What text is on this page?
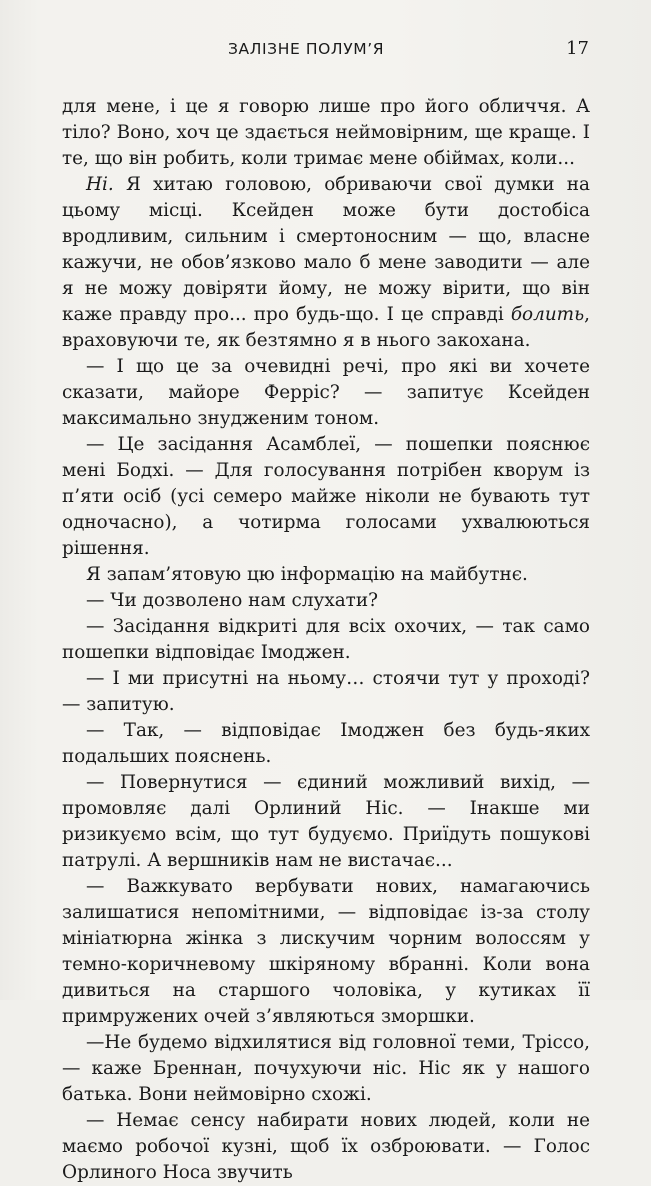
ЗАЛІЗНЕ ПОЛУМ’Я	17

для мене, і це я говорю лише про його обличчя. А тіло? Воно, хоч це здається неймовірним, ще краще. І те, що він робить, коли тримає мене обіймах, коли...

Ні. Я хитаю головою, обриваючи свої думки на цьому місці. Ксейден може бути достобіса вродливим, сильним і смертоносним — що, власне кажучи, не обов’язково мало б мене заводити — але я не можу довіряти йому, не можу вірити, що він каже правду про... про будь-що. І це справді болить, враховуючи те, як безтямно я в нього закохана.

— І що це за очевидні речі, про які ви хочете сказати, майоре Ферріс? — запитує Ксейден максимально знудженим тоном.

— Це засідання Асамблеї, — пошепки пояснює мені Бодхі. — Для голосування потрібен кворум із п’яти осіб (усі семеро майже ніколи не бувають тут одночасно), а чотирма голосами ухвалюються рішення.

Я запам’ятовую цю інформацію на майбутнє.

— Чи дозволено нам слухати?

— Засідання відкриті для всіх охочих, — так само пошепки відповідає Імоджен.

— І ми присутні на ньому… стоячи тут у проході? — запитую.

— Так, — відповідає Імоджен без будь-яких подальших пояснень.

— Повернутися — єдиний можливий вихід, — промовляє далі Орлиний Ніс. — Інакше ми ризикуємо всім, що тут будуємо. Приїдуть пошукові патрулі. А вершників нам не вистачає...

— Важкувато вербувати нових, намагаючись залишатися непомітними, — відповідає із-за столу мініатюрна жінка з лискучим чорним волоссям у темно-коричневому шкіряному вбранні. Коли вона дивиться на старшого чоловіка, у кутиках її примружених очей з’являються зморшки.

—Не будемо відхилятися від головної теми, Тріссо, — каже Бреннан, почухуючи ніс. Ніс як у нашого батька. Вони неймовірно схожі.

— Немає сенсу набирати нових людей, коли не маємо робочої кузні, щоб їх озброювати. — Голос Орлиного Носа звучить
